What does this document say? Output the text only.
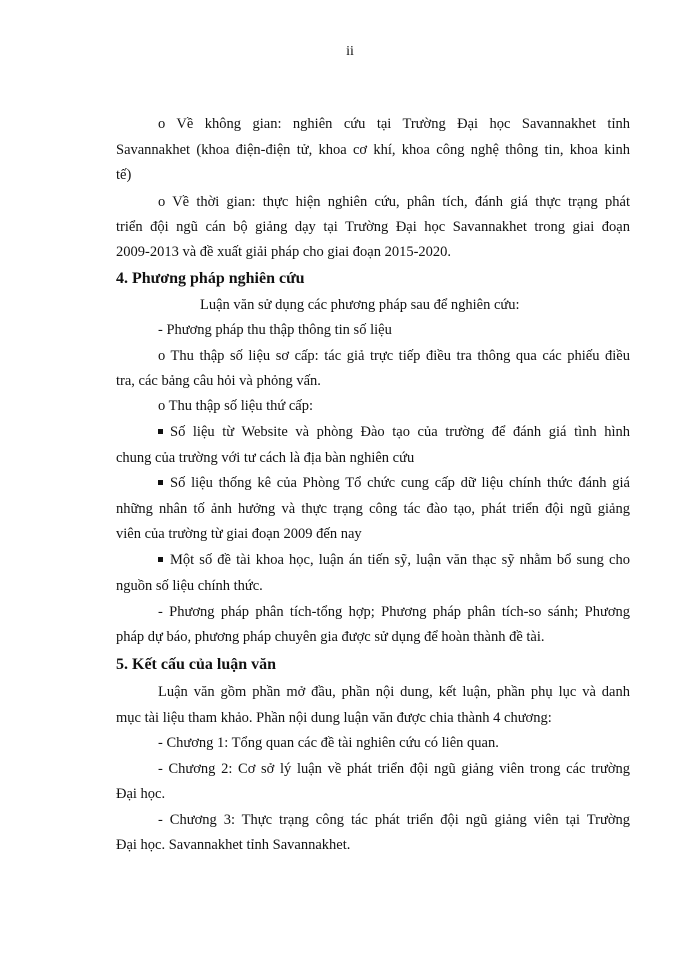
ii
o Về không gian: nghiên cứu tại Trường Đại học Savannakhet tỉnh
Savannakhet (khoa điện-điện tử, khoa cơ khí, khoa công nghệ thông tin, khoa kinh
tế)
o Về thời gian: thực hiện nghiên cứu, phân tích, đánh giá thực trạng phát
triển đội ngũ cán bộ giảng dạy tại Trường Đại học Savannakhet trong giai đoạn
2009-2013 và đề xuất giải pháp cho giai đoạn 2015-2020.
4. Phương pháp nghiên cứu
Luận văn sử dụng các phương pháp sau để nghiên cứu:
- Phương pháp thu thập thông tin số liệu
o Thu thập số liệu sơ cấp: tác giả trực tiếp điều tra thông qua các phiếu điều
tra, các bảng câu hỏi và phỏng vấn.
o Thu thập số liệu thứ cấp:
Số liệu từ Website và phòng Đào tạo của trường để đánh giá tình hình
chung của trường với tư cách là địa bàn nghiên cứu
Số liệu thống kê của Phòng Tổ chức cung cấp dữ liệu chính thức đánh giá
những nhân tố ảnh hưởng và thực trạng công tác đào tạo, phát triển đội ngũ giảng
viên của trường từ giai đoạn 2009 đến nay
Một số đề tài khoa học, luận án tiến sỹ, luận văn thạc sỹ nhằm bổ sung cho
nguồn số liệu chính thức.
- Phương pháp phân tích-tổng hợp; Phương pháp phân tích-so sánh; Phương
pháp dự báo, phương pháp chuyên gia được sử dụng để hoàn thành đề tài.
5. Kết cấu của luận văn
Luận văn gồm phần mở đầu, phần nội dung, kết luận, phần phụ lục và danh
mục tài liệu tham khảo. Phần nội dung luận văn được chia thành 4 chương:
- Chương 1: Tổng quan các đề tài nghiên cứu có liên quan.
- Chương 2: Cơ sở lý luận về phát triển đội ngũ giảng viên trong các trường
Đại học.
- Chương 3: Thực trạng công tác phát triển đội ngũ giảng viên tại Trường
Đại học. Savannakhet tỉnh Savannakhet.
